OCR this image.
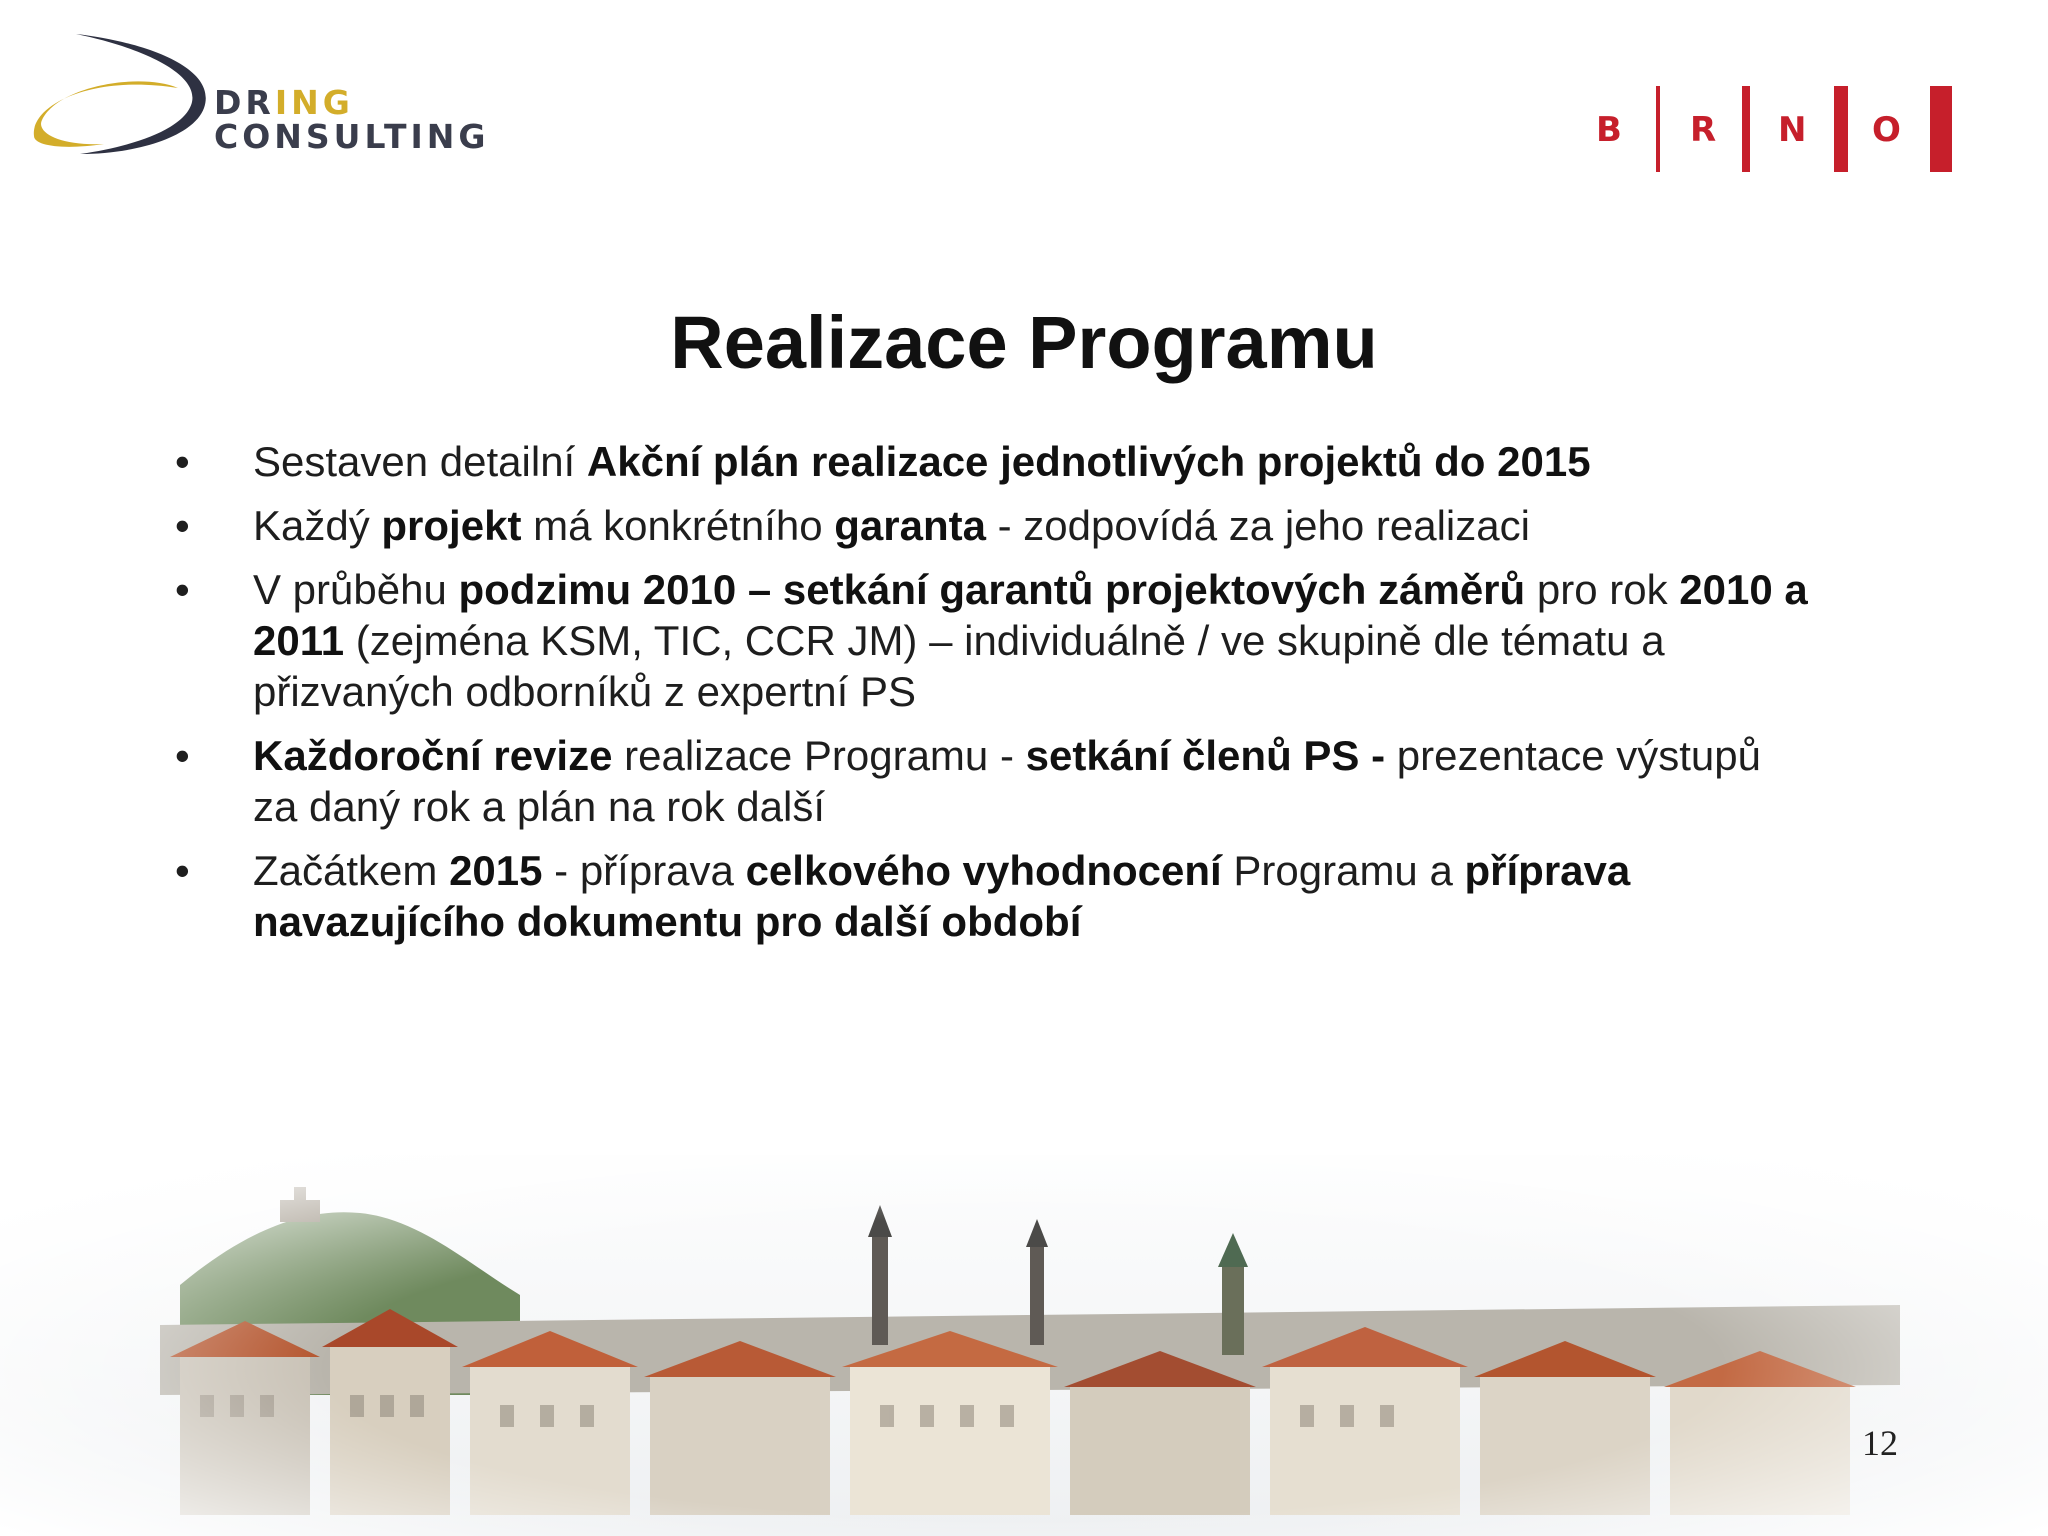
DRING
CONSULTING	B R N O
Realizace Programu
• Sestaven detailní Akční plán realizace jednotlivých projektů do 2015
• Každý projekt má konkrétního garanta - zodpovídá za jeho realizaci
• V průběhu podzimu 2010 – setkání garantů projektových záměrů pro rok 2010 a 2011 (zejména KSM, TIC, CCR JM) – individuálně / ve skupině dle tématu a přizvaných odborníků z expertní PS
• Každoroční revize realizace Programu - setkání členů PS - prezentace výstupů za daný rok a plán na rok další
• Začátkem 2015 - příprava celkového vyhodnocení Programu a příprava navazujícího dokumentu pro další období
12
